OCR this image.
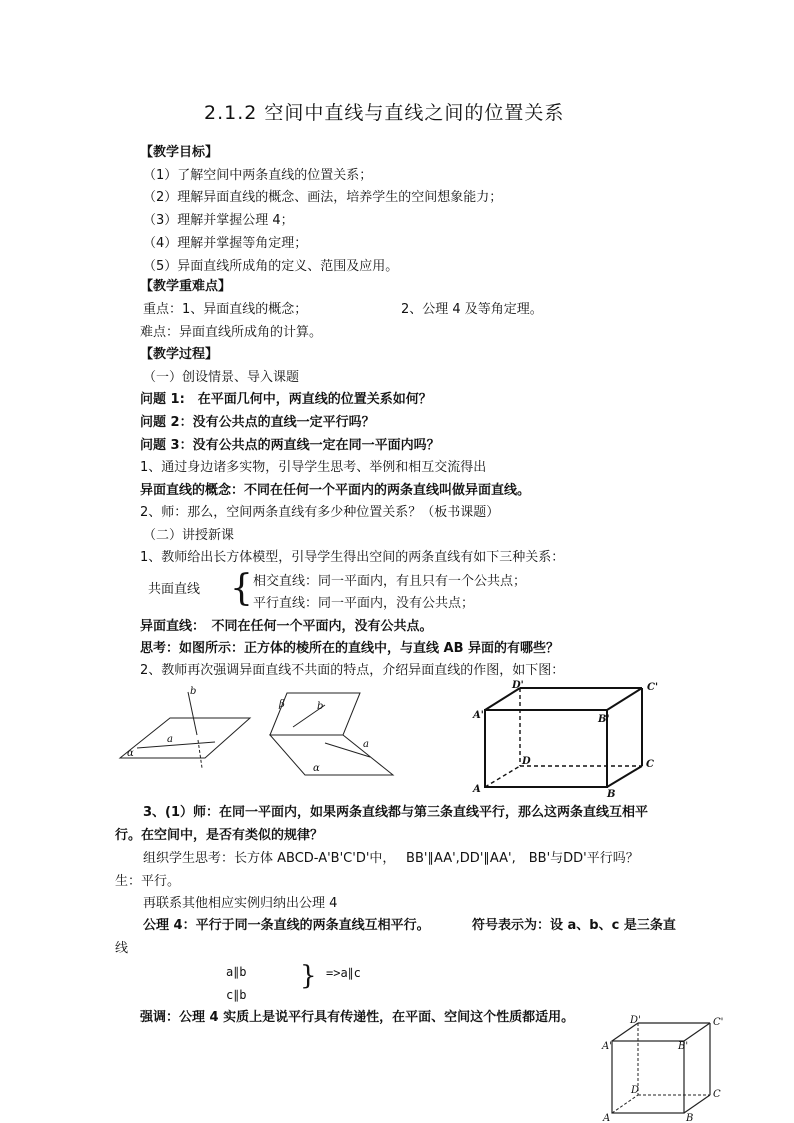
2.1.2 空间中直线与直线之间的位置关系
【教学目标】
（1）了解空间中两条直线的位置关系；
（2）理解异面直线的概念、画法，培养学生的空间想象能力；
（3）理解并掌握公理 4；
（4）理解并掌握等角定理；
（5）异面直线所成角的定义、范围及应用。
【教学重难点】
重点：1、异面直线的概念；	2、公理 4 及等角定理。
难点：异面直线所成角的计算。
【教学过程】
（一）创设情景、导入课题
问题 1:　在平面几何中，两直线的位置关系如何？
问题 2：没有公共点的直线一定平行吗？
问题 3：没有公共点的两直线一定在同一平面内吗？
1、通过身边诸多实物，引导学生思考、举例和相互交流得出
异面直线的概念：不同在任何一个平面内的两条直线叫做异面直线。
2、师：那么，空间两条直线有多少种位置关系？（板书课题）
（二）讲授新课
1、教师给出长方体模型，引导学生得出空间的两条直线有如下三种关系：
共面直线 { 相交直线：同一平面内，有且只有一个公共点；
平行直线：同一平面内，没有公共点；
异面直线：　不同在任何一个平面内，没有公共点。
思考：如图所示：正方体的棱所在的直线中，与直线 AB 异面的有哪些？
2、教师再次强调异面直线不共面的特点，介绍异面直线的作图，如下图：
a
b
α
β	b
a
α
D'	C'
A'	B'
D	C
A	B
3、(1）师：在同一平面内，如果两条直线都与第三条直线平行，那么这两条直线互相平
行。在空间中，是否有类似的规律？
组织学生思考：长方体 ABCD-A'B'C'D'中，　 BB'∥AA',DD'∥AA',　BB'与DD'平行吗？
生：平行。
再联系其他相应实例归纳出公理 4
公理 4：平行于同一条直线的两条直线互相平行。	符号表示为：设 a、b、c 是三条直
线
a∥b
c∥b
} =>a∥c
强调：公理 4 实质上是说平行具有传递性，在平面、空间这个性质都适用。	D'	C'
A'	B'
D	C
A	B
